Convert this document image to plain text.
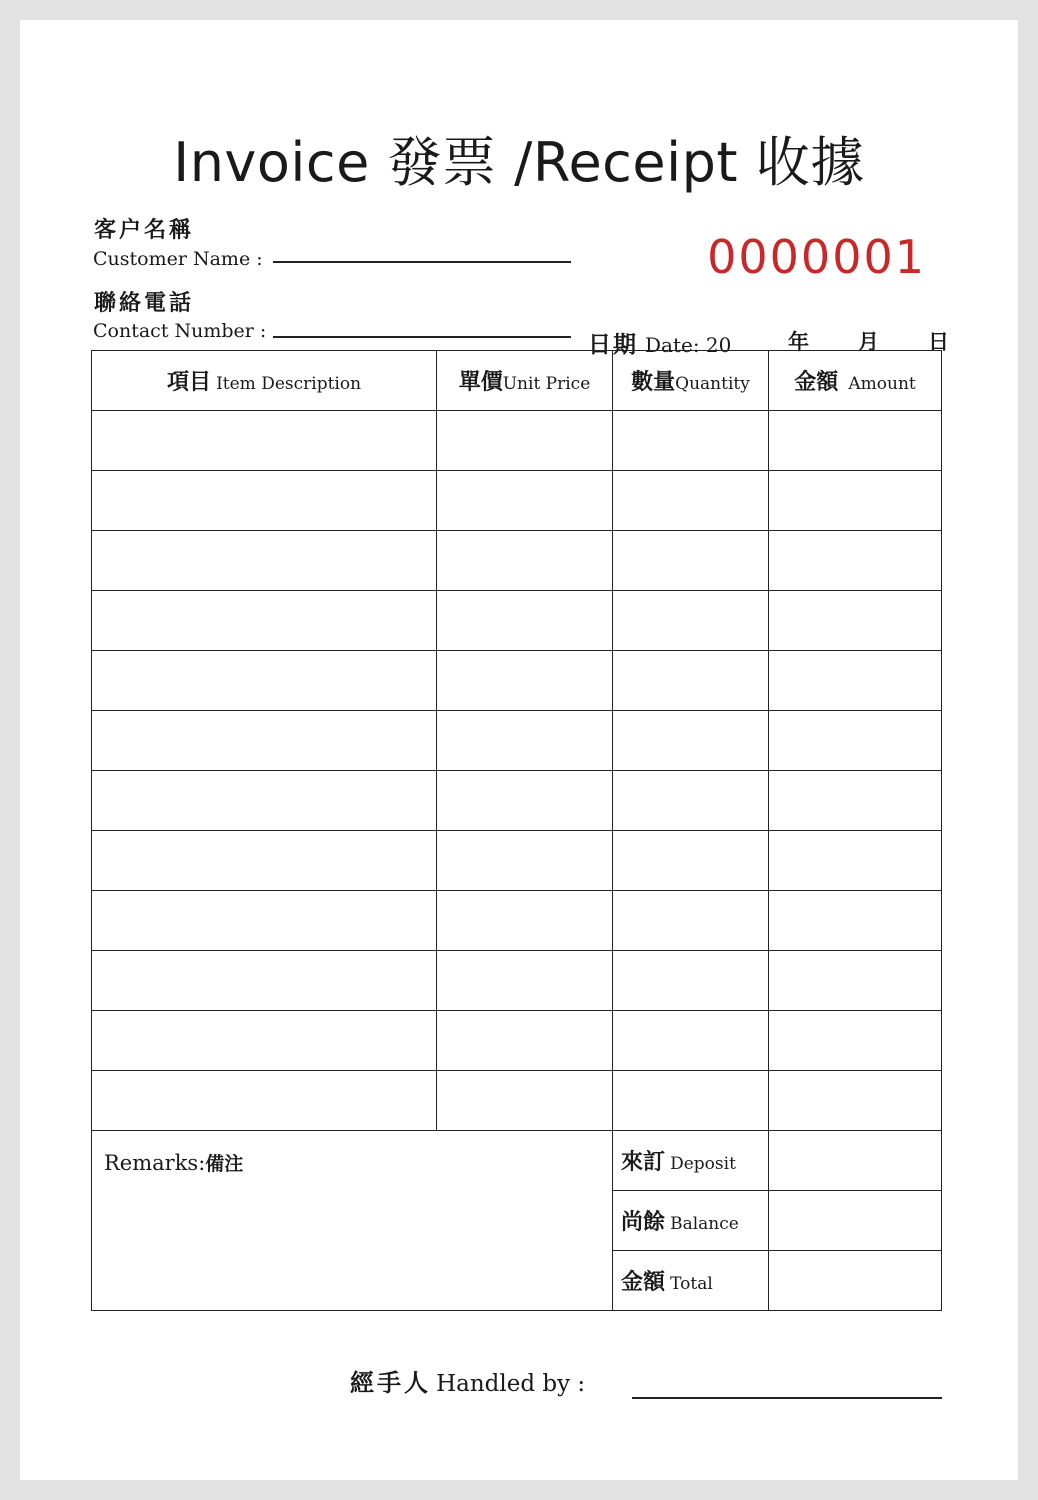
Invoice 發票 /Receipt 收據
客户名稱
Customer Name :	0000001
聯絡電話
Contact Number :	日期 Date: 20	年 月 日
項目 Item Description	單價Unit Price	數量Quantity	金額 Amount

Remarks:備注		來訂 Deposit	
		尚餘 Balance	
		金額 Total	
經手人 Handled by :
